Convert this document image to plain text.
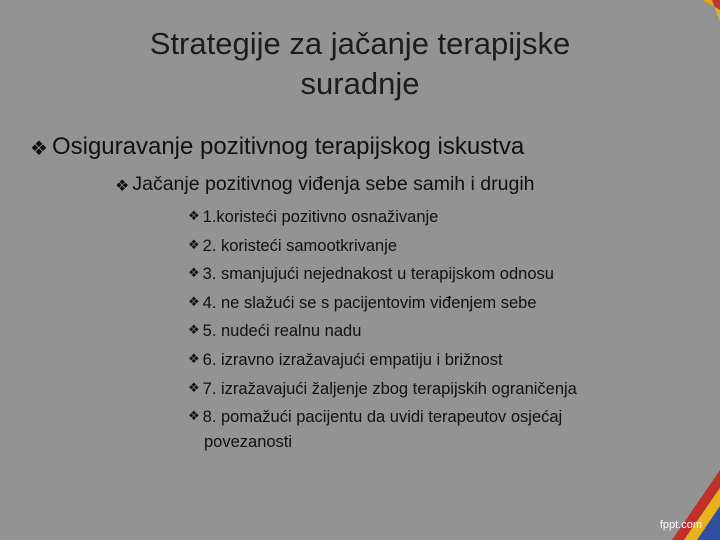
Strategije za jačanje terapijske
suradnje
❖ Osiguravanje pozitivnog terapijskog iskustva
❖ Jačanje pozitivnog viđenja sebe samih i drugih
❖ 1.koristeći pozitivno osnaživanje
❖ 2. koristeći samootkrivanje
❖ 3. smanjujući nejednakost u terapijskom odnosu
❖ 4. ne slažući se s pacijentovim viđenjem sebe
❖ 5. nudeći realnu nadu
❖ 6. izravno izražavajući empatiju i brižnost
❖ 7. izražavajući žaljenje zbog terapijskih ograničenja
❖ 8. pomažući pacijentu da uvidi terapeutov osjećaj
povezanosti
fppt.com
